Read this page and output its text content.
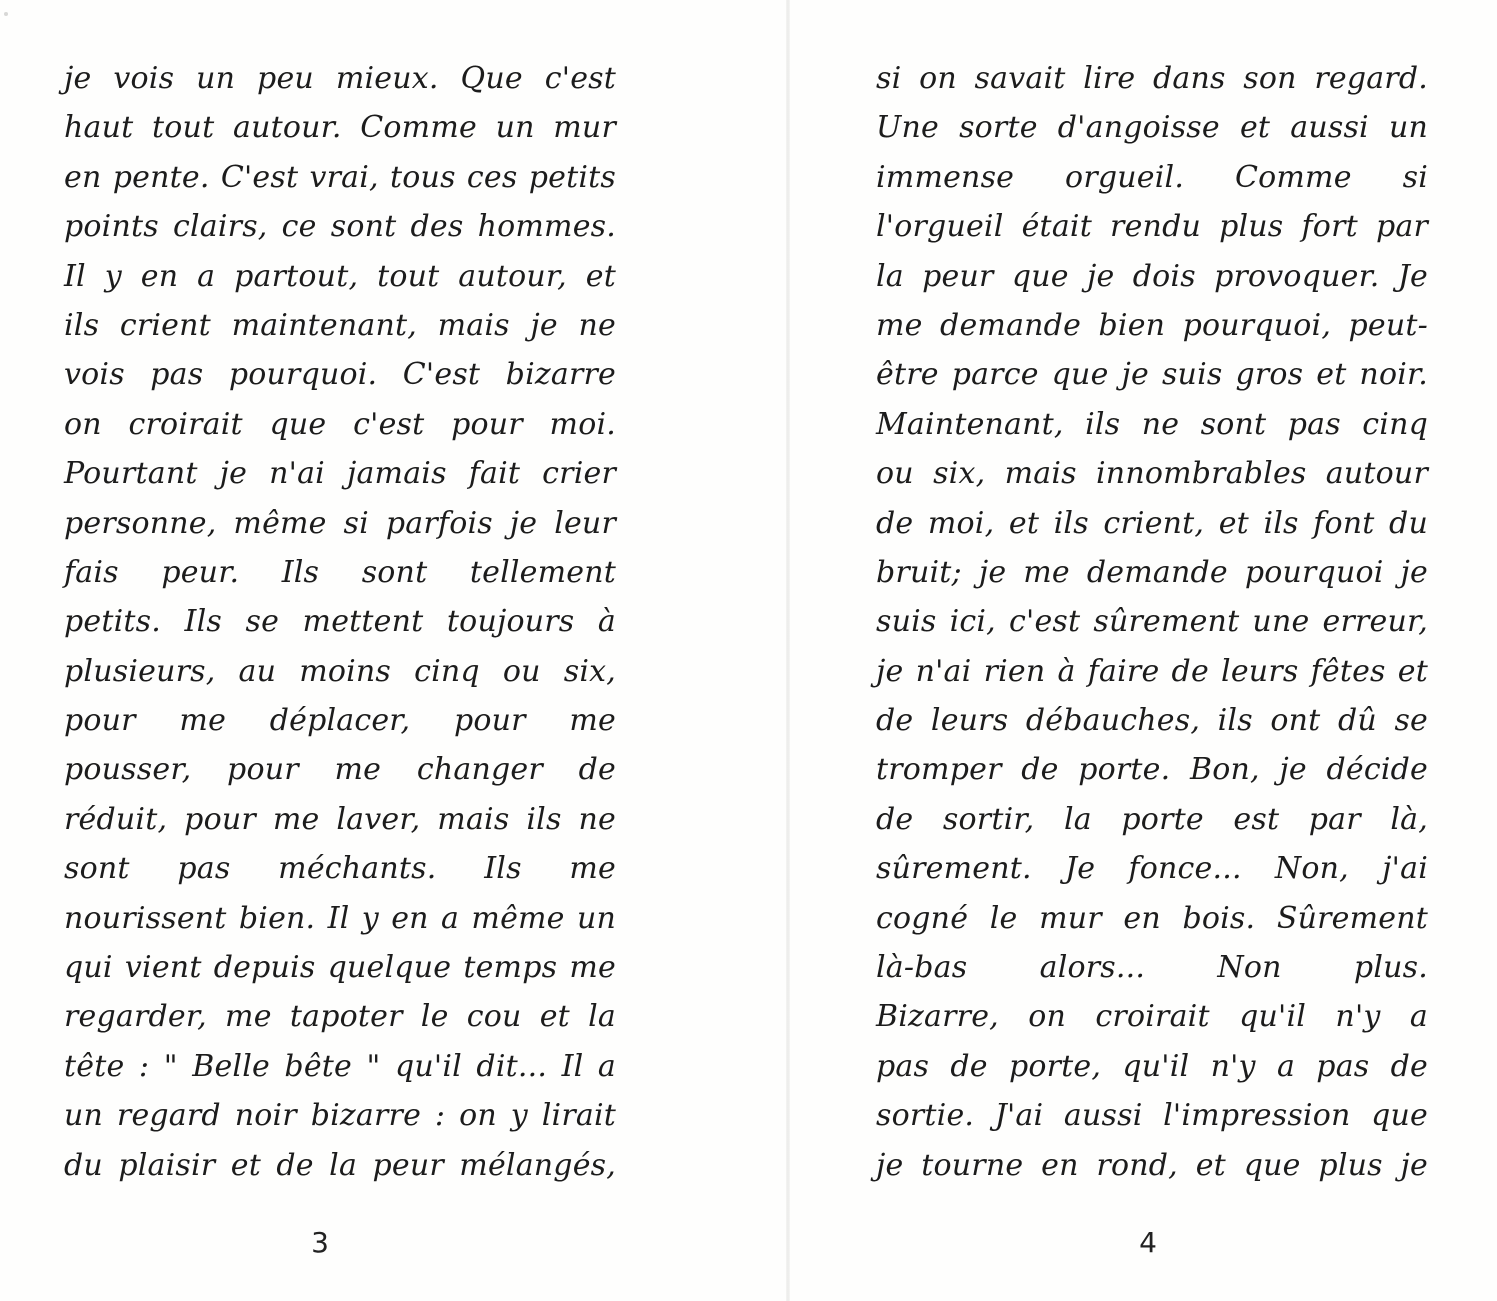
je vois un peu mieux. Que c'est
haut tout autour. Comme un mur
en pente. C'est vrai, tous ces petits
points clairs, ce sont des hommes.
Il y en a partout, tout autour, et
ils crient maintenant, mais je ne
vois pas pourquoi. C'est bizarre
on croirait que c'est pour moi.
Pourtant je n'ai jamais fait crier
personne, même si parfois je leur
fais peur. Ils sont tellement
petits. Ils se mettent toujours à
plusieurs, au moins cinq ou six,
pour me déplacer, pour me
pousser, pour me changer de
réduit, pour me laver, mais ils ne
sont pas méchants. Ils me
nourissent bien. Il y en a même un
qui vient depuis quelque temps me
regarder, me tapoter le cou et la
tête : " Belle bête " qu'il dit... Il a
un regard noir bizarre : on y lirait
du plaisir et de la peur mélangés,
si on savait lire dans son regard.
Une sorte d'angoisse et aussi un
immense orgueil. Comme si
l'orgueil était rendu plus fort par
la peur que je dois provoquer. Je
me demande bien pourquoi, peut-
être parce que je suis gros et noir.
Maintenant, ils ne sont pas cinq
ou six, mais innombrables autour
de moi, et ils crient, et ils font du
bruit; je me demande pourquoi je
suis ici, c'est sûrement une erreur,
je n'ai rien à faire de leurs fêtes et
de leurs débauches, ils ont dû se
tromper de porte. Bon, je décide
de sortir, la porte est par là,
sûrement. Je fonce... Non, j'ai
cogné le mur en bois. Sûrement
là-bas alors... Non plus.
Bizarre, on croirait qu'il n'y a
pas de porte, qu'il n'y a pas de
sortie. J'ai aussi l'impression que
je tourne en rond, et que plus je
3	4
